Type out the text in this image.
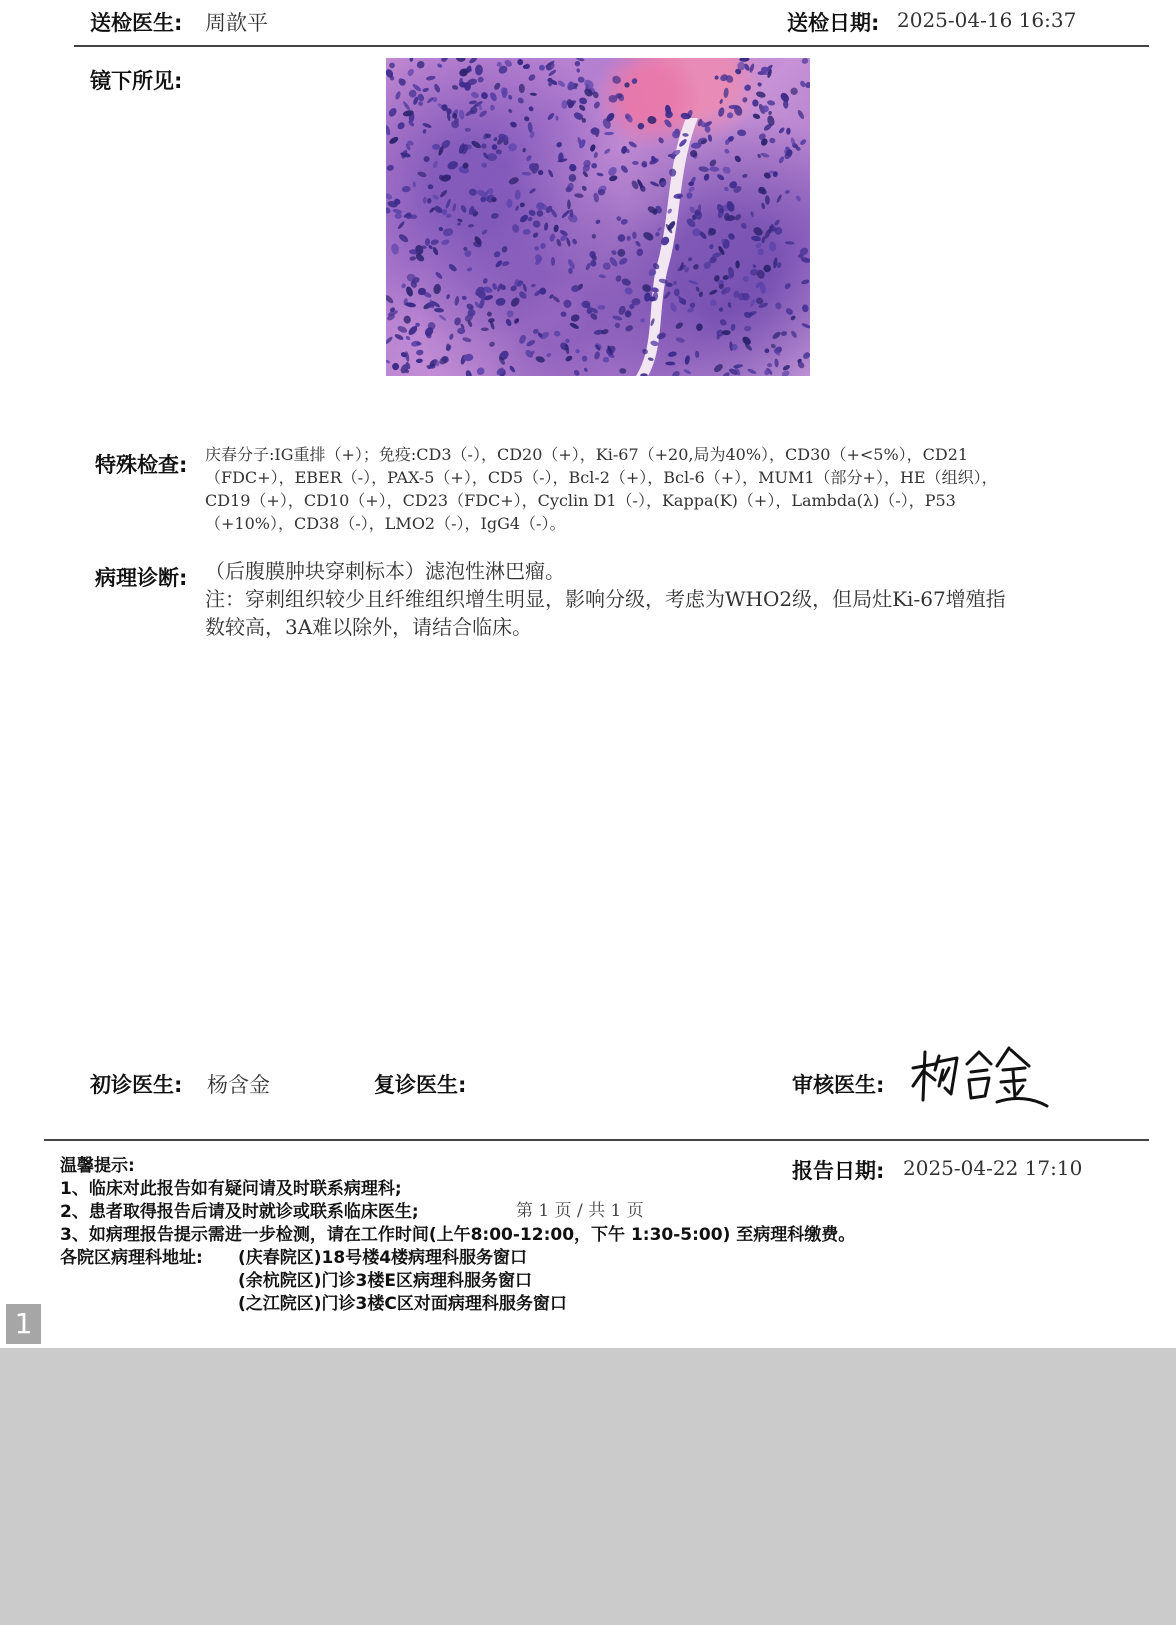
送检医生: 周歆平	送检日期: 2025-04-16 16:37
镜下所见:
特殊检查: 庆春分子:IG重排（+）；免疫:CD3（-），CD20（+），Ki-67（+20,局为40%），CD30（+<5%），CD21
（FDC+），EBER（-），PAX-5（+），CD5（-），Bcl-2（+），Bcl-6（+），MUM1（部分+），HE（组织），
CD19（+），CD10（+），CD23（FDC+），Cyclin D1（-），Kappa(K)（+），Lambda(λ)（-），P53
（+10%），CD38（-），LMO2（-），IgG4（-）。
病理诊断: （后腹膜肿块穿刺标本）滤泡性淋巴瘤。
注：穿刺组织较少且纤维组织增生明显，影响分级，考虑为WHO2级，但局灶Ki-67增殖指
数较高，3A难以除外，请结合临床。
初诊医生: 杨含金	复诊医生:	审核医生:
温馨提示:
1、临床对此报告如有疑问请及时联系病理科;
2、患者取得报告后请及时就诊或联系临床医生;
3、如病理报告提示需进一步检测，请在工作时间(上午8:00-12:00，下午 1:30-5:00) 至病理科缴费。
各院区病理科地址: (庆春院区)18号楼4楼病理科服务窗口
(余杭院区)门诊3楼E区病理科服务窗口
(之江院区)门诊3楼C区对面病理科服务窗口
第 1 页 / 共 1 页
报告日期: 2025-04-22 17:10
1
